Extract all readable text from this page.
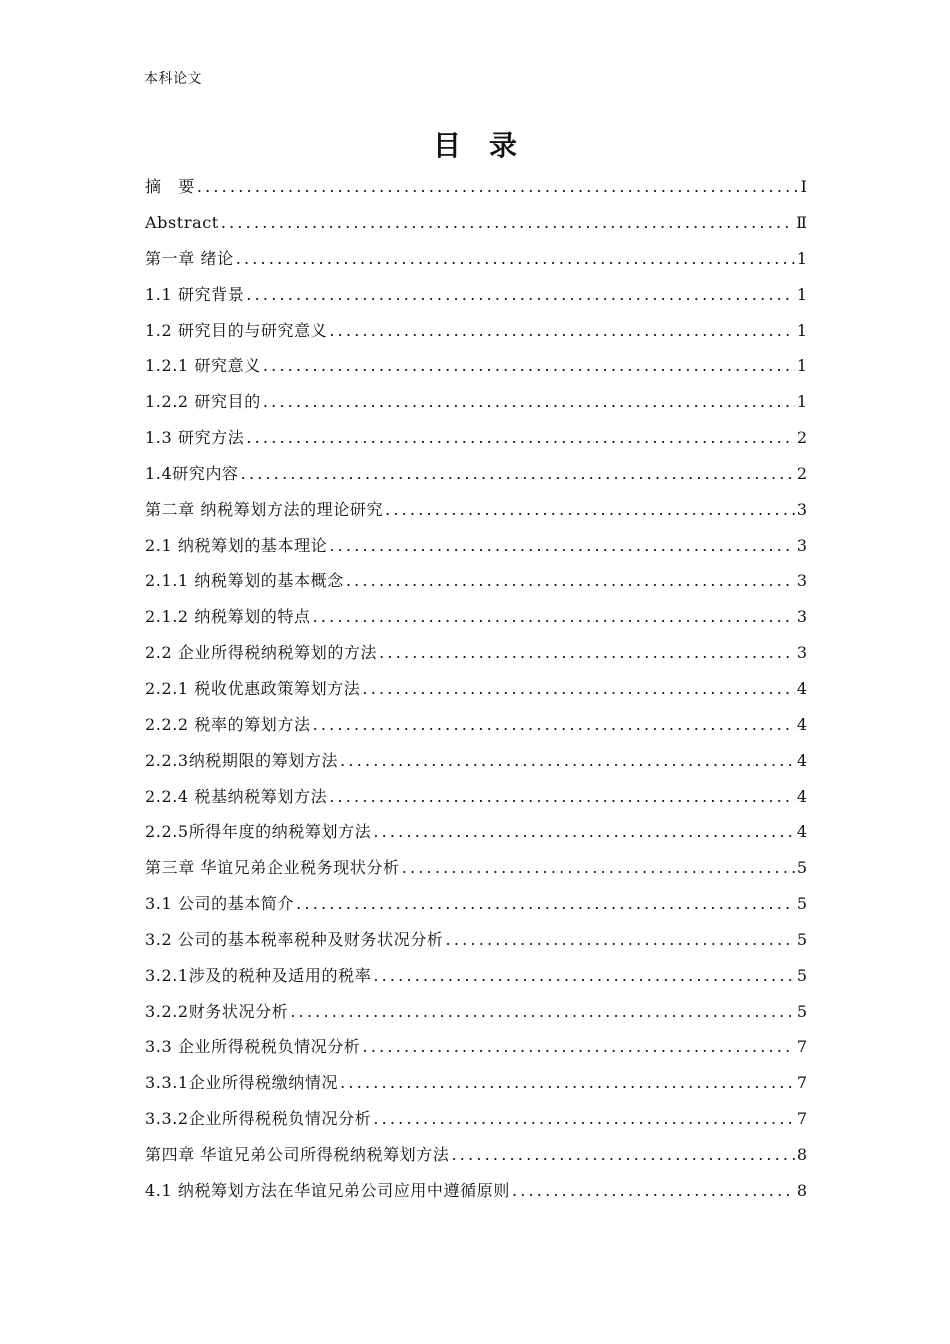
本科论文
目录
摘　要 .....	I
Abstract .....	Ⅱ
第一章 绪论 .....	1
1.1 研究背景 .....	1
1.2 研究目的与研究意义 .....	1
1.2.1 研究意义 .....	1
1.2.2 研究目的 .....	1
1.3 研究方法 .....	2
1.4研究内容 .....	2
第二章 纳税筹划方法的理论研究 .....	3
2.1 纳税筹划的基本理论 .....	3
2.1.1 纳税筹划的基本概念 .....	3
2.1.2 纳税筹划的特点 .....	3
2.2 企业所得税纳税筹划的方法 .....	3
2.2.1 税收优惠政策筹划方法 .....	4
2.2.2 税率的筹划方法 .....	4
2.2.3纳税期限的筹划方法 .....	4
2.2.4 税基纳税筹划方法 .....	4
2.2.5所得年度的纳税筹划方法 .....	4
第三章 华谊兄弟企业税务现状分析 .....	5
3.1 公司的基本简介 .....	5
3.2 公司的基本税率税种及财务状况分析 .....	5
3.2.1涉及的税种及适用的税率 .....	5
3.2.2财务状况分析 .....	5
3.3 企业所得税税负情况分析 .....	7
3.3.1企业所得税缴纳情况 .....	7
3.3.2企业所得税税负情况分析 .....	7
第四章 华谊兄弟公司所得税纳税筹划方法 .....	8
4.1 纳税筹划方法在华谊兄弟公司应用中遵循原则 .....	8
